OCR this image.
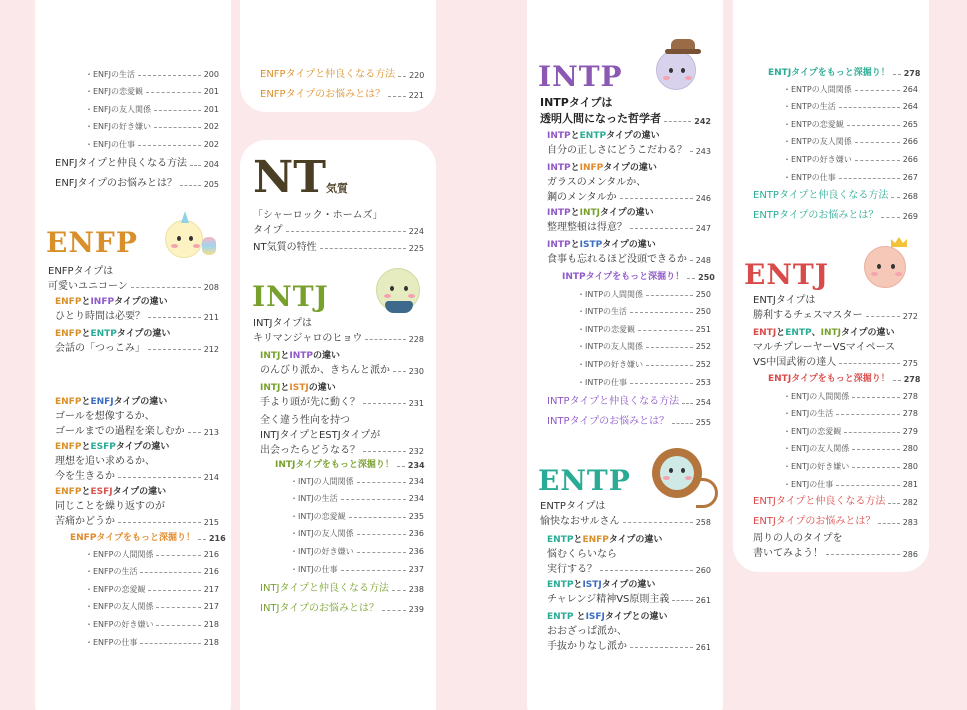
・ENFJの生活	200
・ENFJの恋愛観	201
・ENFJの友人関係	201
・ENFJの好き嫌い	202
・ENFJの仕事	202
ENFJタイプと仲良くなる方法 204
ENFJタイプのお悩みとは？	205
ENFP
ENFPタイプは
可愛いユニコーン	208
ENFPとINFPタイプの違い
ひとり時間は必要？	211
ENFPとENTPタイプの違い
会話の「つっこみ」	212
ENFPとENFJタイプの違い
ゴールを想像するか、
ゴールまでの過程を楽しむか 213
ENFPとESFPタイプの違い
理想を追い求めるか、
今を生きるか	214
ENFPとESFJタイプの違い
同じことを繰り返すのが
苦痛かどうか	215
ENFPタイプをもっと深掘り！ 216
・ENFPの人間関係	216
・ENFPの生活	216
・ENFPの恋愛観	217
・ENFPの友人関係	217
・ENFPの好き嫌い	218
・ENFPの仕事	218
ENFPタイプと仲良くなる方法 220
ENFPタイプのお悩みとは？	221
NT気質
「シャーロック・ホームズ」
タイプ	224
NT気質の特性	225
INTJ
INTJタイプは
キリマンジャロのヒョウ	228
INTJとINTPの違い
のんびり派か、きちんと派か 230
INTJとISTJの違い
手より頭が先に動く？	231
全く違う性向を持つ
INTJタイプとESTJタイプが
出会ったらどうなる？	232
INTJタイプをもっと深掘り！ 234
・INTJの人間関係	234
・INTJの生活	234
・INTJの恋愛観	235
・INTJの友人関係	236
・INTJの好き嫌い	236
・INTJの仕事	237
INTJタイプと仲良くなる方法 238
INTJタイプのお悩みとは？	239
INTP
INTPタイプは
透明人間になった哲学者	242
INTPとENTPタイプの違い
自分の正しさにどうこだわる？ 243
INTPとINFPタイプの違い
ガラスのメンタルか、
鋼のメンタルか	246
INTPとINTJタイプの違い
整理整頓は得意？	247
INTPとISTPタイプの違い
食事も忘れるほど没頭できるか 248
INTPタイプをもっと深掘り！ 250
・INTPの人間関係	250
・INTPの生活	250
・INTPの恋愛観	251
・INTPの友人関係	252
・INTPの好き嫌い	252
・INTPの仕事	253
INTPタイプと仲良くなる方法 254
INTPタイプのお悩みとは？	255
ENTP
ENTPタイプは
愉快なおサルさん	258
ENTPとENFPタイプの違い
悩むくらいなら
実行する？	260
ENTPとISTJタイプの違い
チャレンジ精神VS原則主義	261
ENTP とISFJタイプとの違い
おおざっぱ派か、
手抜かりなし派か	261
ENTJタイプをもっと深掘り！ 278
・ENTPの人間関係	264
・ENTPの生活	264
・ENTPの恋愛観	265
・ENTPの友人関係	266
・ENTPの好き嫌い	266
・ENTPの仕事	267
ENTPタイプと仲良くなる方法 268
ENTPタイプのお悩みとは？	269
ENTJ
ENTJタイプは
勝利するチェスマスター	272
ENTJとENTP、INTJタイプの違い
マルチプレーヤーVSマイペース
VS中国武術の達人	275
ENTJタイプをもっと深掘り！ 278
・ENTJの人間関係	278
・ENTJの生活	278
・ENTJの恋愛観	279
・ENTJの友人関係	280
・ENTJの好き嫌い	280
・ENTJの仕事	281
ENTJタイプと仲良くなる方法 282
ENTJタイプのお悩みとは？	283
周りの人のタイプを
書いてみよう！	286
